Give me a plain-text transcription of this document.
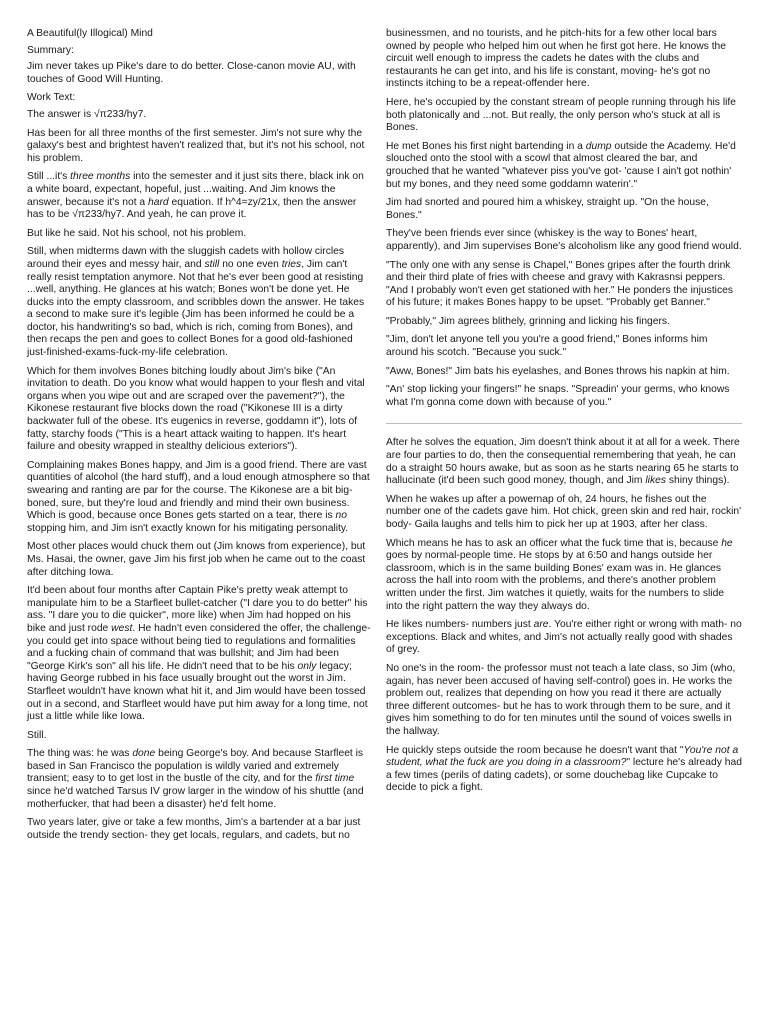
A Beautiful(ly Illogical) Mind

Summary:

Jim never takes up Pike's dare to do better. Close-canon movie AU, with touches of Good Will Hunting.

Work Text:

The answer is √π233/hy7.

Has been for all three months of the first semester. Jim's not sure why the galaxy's best and brightest haven't realized that, but it's not his school, not his problem.

Still ...it's three months into the semester and it just sits there, black ink on a white board, expectant, hopeful, just ...waiting. And Jim knows the answer, because it's not a hard equation. If h^4=zy/21x, then the answer has to be √π233/hy7. And yeah, he can prove it.

But like he said. Not his school, not his problem.

Still, when midterms dawn with the sluggish cadets with hollow circles around their eyes and messy hair, and still no one even tries, Jim can't really resist temptation anymore. Not that he's ever been good at resisting ...well, anything. He glances at his watch; Bones won't be done yet. He ducks into the empty classroom, and scribbles down the answer. He takes a second to make sure it's legible (Jim has been informed he could be a doctor, his handwriting's so bad, which is rich, coming from Bones), and then recaps the pen and goes to collect Bones for a good old-fashioned just-finished-exams-fuck-my-life celebration.

Which for them involves Bones bitching loudly about Jim's bike ("An invitation to death. Do you know what would happen to your flesh and vital organs when you wipe out and are scraped over the pavement?"), the Kikonese restaurant five blocks down the road ("Kikonese III is a dirty backwater full of the obese. It's eugenics in reverse, goddamn it"), lots of fatty, starchy foods ("This is a heart attack waiting to happen. It's heart failure and obesity wrapped in stealthy delicious exteriors").

Complaining makes Bones happy, and Jim is a good friend. There are vast quantities of alcohol (the hard stuff), and a loud enough atmosphere so that swearing and ranting are par for the course. The Kikonese are a bit big-boned, sure, but they're loud and friendly and mind their own business. Which is good, because once Bones gets started on a tear, there is no stopping him, and Jim isn't exactly known for his mitigating personality.

Most other places would chuck them out (Jim knows from experience), but Ms. Hasai, the owner, gave Jim his first job when he came out to the coast after ditching Iowa.

It'd been about four months after Captain Pike's pretty weak attempt to manipulate him to be a Starfleet bullet-catcher ("I dare you to do better" his ass. "I dare you to die quicker", more like) when Jim had hopped on his bike and just rode west. He hadn't even considered the offer, the challenge- you could get into space without being tied to regulations and formalities and a fucking chain of command that was bullshit; and Jim had been "George Kirk's son" all his life. He didn't need that to be his only legacy; having George rubbed in his face usually brought out the worst in Jim. Starfleet wouldn't have known what hit it, and Jim would have been tossed out in a second, and Starfleet would have put him away for a long time, not just a little while like Iowa.

Still.

The thing was: he was done being George's boy. And because Starfleet is based in San Francisco the population is wildly varied and extremely transient; easy to to get lost in the bustle of the city, and for the first time since he'd watched Tarsus IV grow larger in the window of his shuttle (and motherfucker, that had been a disaster) he'd felt home.

Two years later, give or take a few months, Jim's a bartender at a bar just outside the trendy section- they get locals, regulars, and cadets, but no

businessmen, and no tourists, and he pitch-hits for a few other local bars owned by people who helped him out when he first got here. He knows the circuit well enough to impress the cadets he dates with the clubs and restaurants he can get into, and his life is constant, moving- he's got no instincts itching to be a repeat-offender here.

Here, he's occupied by the constant stream of people running through his life both platonically and ...not. But really, the only person who's stuck at all is Bones.

He met Bones his first night bartending in a dump outside the Academy. He'd slouched onto the stool with a scowl that almost cleared the bar, and grouched that he wanted "whatever piss you've got- 'cause I ain't got nothin' but my bones, and they need some goddamn waterin'."

Jim had snorted and poured him a whiskey, straight up. "On the house, Bones."

They've been friends ever since (whiskey is the way to Bones' heart, apparently), and Jim supervises Bone's alcoholism like any good friend would.

"The only one with any sense is Chapel," Bones gripes after the fourth drink and their third plate of fries with cheese and gravy with Kakrasnsi peppers. "And I probably won't even get stationed with her." He ponders the injustices of his future; it makes Bones happy to be upset. "Probably get Banner."

"Probably," Jim agrees blithely, grinning and licking his fingers.

"Jim, don't let anyone tell you you're a good friend," Bones informs him around his scotch. "Because you suck."

"Aww, Bones!" Jim bats his eyelashes, and Bones throws his napkin at him.

"An' stop licking your fingers!" he snaps. "Spreadin' your germs, who knows what I'm gonna come down with because of you."

After he solves the equation, Jim doesn't think about it at all for a week. There are four parties to do, then the consequential remembering that yeah, he can do a straight 50 hours awake, but as soon as he starts nearing 65 he starts to hallucinate (it'd been such good money, though, and Jim likes shiny things).

When he wakes up after a powernap of oh, 24 hours, he fishes out the number one of the cadets gave him. Hot chick, green skin and red hair, rockin' body- Gaila laughs and tells him to pick her up at 1903, after her class.

Which means he has to ask an officer what the fuck time that is, because he goes by normal-people time. He stops by at 6:50 and hangs outside her classroom, which is in the same building Bones' exam was in. He glances across the hall into room with the problems, and there's another problem written under the first. Jim watches it quietly, waits for the numbers to slide into the right pattern the way they always do.

He likes numbers- numbers just are. You're either right or wrong with math- no exceptions. Black and whites, and Jim's not actually really good with shades of grey.

No one's in the room- the professor must not teach a late class, so Jim (who, again, has never been accused of having self-control) goes in. He works the problem out, realizes that depending on how you read it there are actually three different outcomes- but he has to work through them to be sure, and it gives him something to do for ten minutes until the sound of voices swells in the hallway.

He quickly steps outside the room because he doesn't want that "You're not a student, what the fuck are you doing in a classroom?" lecture he's already had a few times (perils of dating cadets), or some douchebag like Cupcake to decide to pick a fight.
